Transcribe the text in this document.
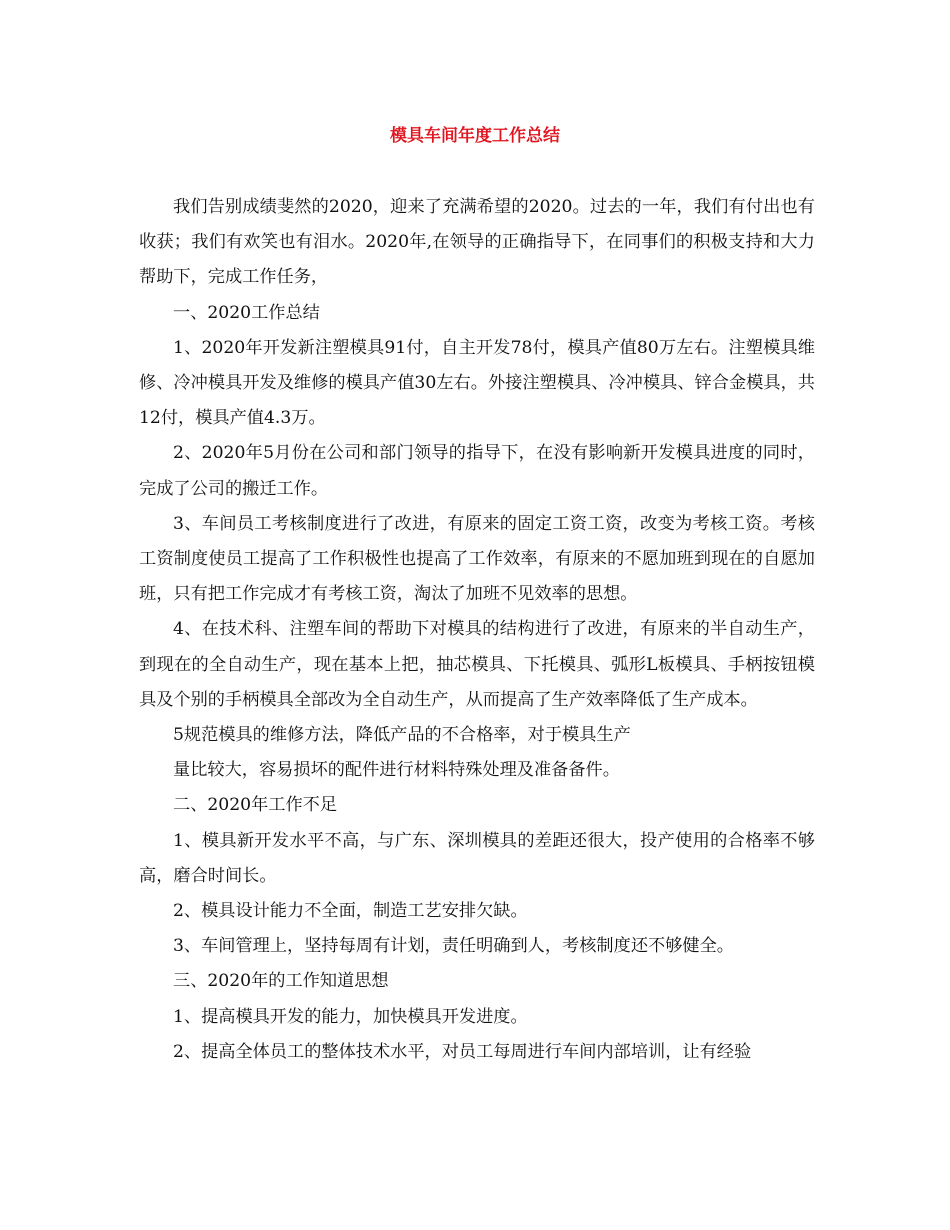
模具车间年度工作总结

我们告别成绩斐然的2020，迎来了充满希望的2020。过去的一年，我们有付出也有收获；我们有欢笑也有泪水。2020年,在领导的正确指导下，在同事们的积极支持和大力帮助下，完成工作任务，

一、2020工作总结

1、2020年开发新注塑模具91付，自主开发78付，模具产值80万左右。注塑模具维修、冷冲模具开发及维修的模具产值30左右。外接注塑模具、冷冲模具、锌合金模具，共12付，模具产值4.3万。

2、2020年5月份在公司和部门领导的指导下，在没有影响新开发模具进度的同时，完成了公司的搬迁工作。

3、车间员工考核制度进行了改进，有原来的固定工资工资，改变为考核工资。考核工资制度使员工提高了工作积极性也提高了工作效率，有原来的不愿加班到现在的自愿加班，只有把工作完成才有考核工资，淘汰了加班不见效率的思想。

4、在技术科、注塑车间的帮助下对模具的结构进行了改进，有原来的半自动生产，到现在的全自动生产，现在基本上把，抽芯模具、下托模具、弧形L板模具、手柄按钮模具及个别的手柄模具全部改为全自动生产，从而提高了生产效率降低了生产成本。

5规范模具的维修方法，降低产品的不合格率，对于模具生产

量比较大，容易损坏的配件进行材料特殊处理及准备备件。

二、2020年工作不足

1、模具新开发水平不高，与广东、深圳模具的差距还很大，投产使用的合格率不够高，磨合时间长。

2、模具设计能力不全面，制造工艺安排欠缺。

3、车间管理上，坚持每周有计划，责任明确到人，考核制度还不够健全。

三、2020年的工作知道思想

1、提高模具开发的能力，加快模具开发进度。

2、提高全体员工的整体技术水平，对员工每周进行车间内部培训，让有经验
